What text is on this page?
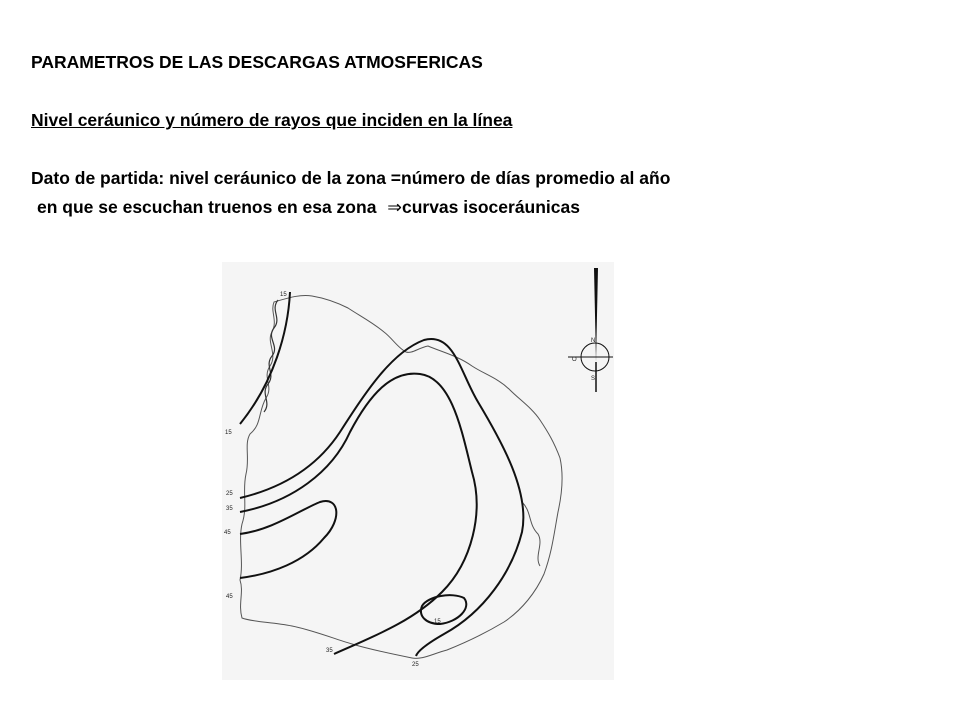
PARAMETROS DE LAS DESCARGAS ATMOSFERICAS
Nivel ceráunico y número de rayos que inciden en la línea
Dato de partida: nivel ceráunico de la zona =número de días promedio al año
en que se escuchan truenos en esa zona ⇒curvas isoceráunicas
15
15
25
35
45
45
35
25
15
N
S
O
